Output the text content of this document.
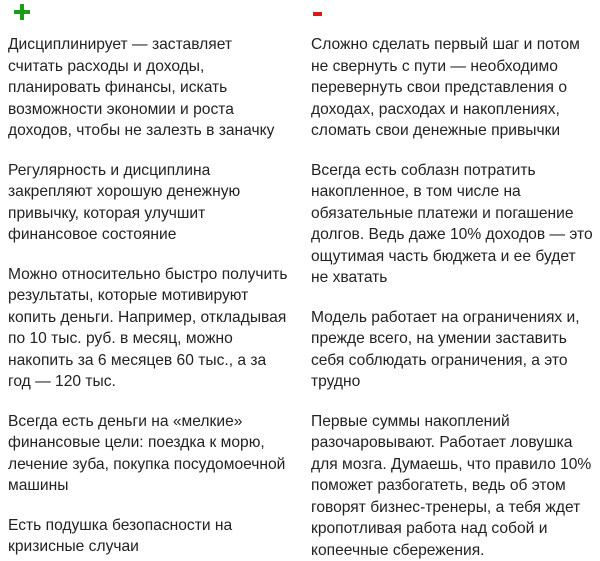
Дисциплинирует — заставляет считать расходы и доходы, планировать финансы, искать возможности экономии и роста доходов, чтобы не залезть в заначку

Регулярность и дисциплина закрепляют хорошую денежную привычку, которая улучшит финансовое состояние

Можно относительно быстро получить результаты, которые мотивируют копить деньги. Например, откладывая по 10 тыс. руб. в месяц, можно накопить за 6 месяцев 60 тыс., а за год — 120 тыс.

Всегда есть деньги на «мелкие» финансовые цели: поездка к морю, лечение зуба, покупка посудомоечной машины

Есть подушка безопасности на кризисные случаи

Сложно сделать первый шаг и потом не свернуть с пути — необходимо перевернуть свои представления о доходах, расходах и накоплениях, сломать свои денежные привычки

Всегда есть соблазн потратить накопленное, в том числе на обязательные платежи и погашение долгов. Ведь даже 10% доходов — это ощутимая часть бюджета и ее будет не хватать

Модель работает на ограничениях и, прежде всего, на умении заставить себя соблюдать ограничения, а это трудно

Первые суммы накоплений разочаровывают. Работает ловушка для мозга. Думаешь, что правило 10% поможет разбогатеть, ведь об этом говорят бизнес-тренеры, а тебя ждет кропотливая работа над собой и копеечные сбережения.
